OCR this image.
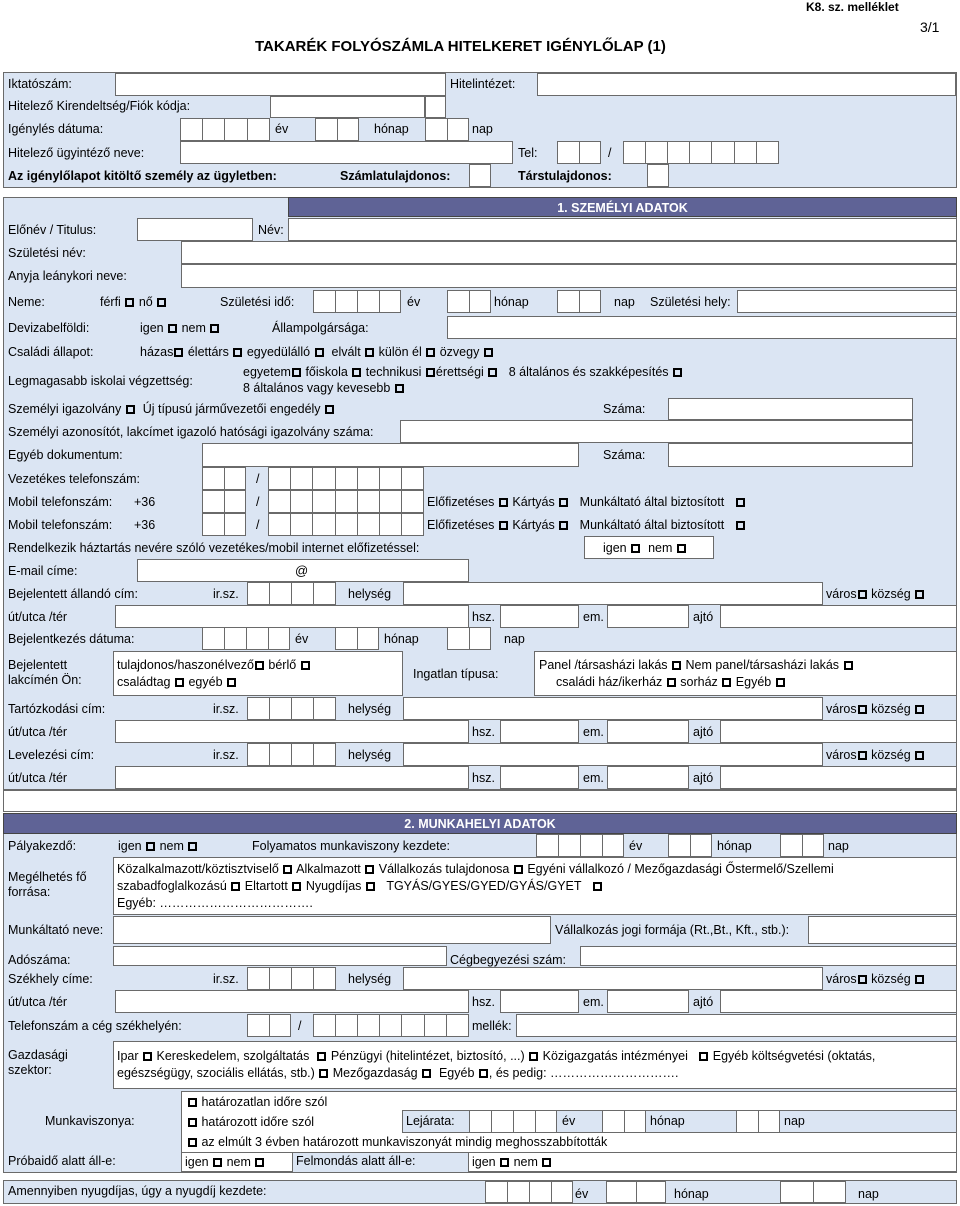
K8. sz. melléklet
3/1
TAKARÉK FOLYÓSZÁMLA HITELKERET IGÉNYLŐLAP (1)
Iktatószám:	Hitelintézet:
Hitelező Kirendeltség/Fiók kódja:
Igénylés dátuma:	év	hónap	nap
Hitelező ügyintéző neve:	Tel:	/
Az igénylőlapot kitöltő személy az ügyletben:	Számlatulajdonos:	Társtulajdonos:
1. SZEMÉLYI ADATOK
Előnév / Titulus:	Név:
Születési név:
Anyja leánykori neve:
Neme:	férfi nő	Születési idő:	év	hónap	nap Születési hely:
Devizabelföldi:	igen nem	Állampolgársága:
Családi állapot:	házas élettárs egyedülálló elvált külön él özvegy
Legmagasabb iskolai végzettség:
egyetem főiskola technikusi érettségi 8 általános és szakképesítés
8 általános vagy kevesebb
Személyi igazolvány Új típusú járművezetői engedély	Száma:
Személyi azonosítót, lakcímet igazoló hatósági igazolvány száma:
Egyéb dokumentum:	Száma:
Vezetékes telefonszám:	/
Mobil telefonszám: +36	/	Előfizetéses Kártyás Munkáltató által biztosított
Mobil telefonszám: +36	/	Előfizetéses Kártyás Munkáltató által biztosított
Rendelkezik háztartás nevére szóló vezetékes/mobil internet előfizetéssel:	igen nem
E-mail címe:	@
Bejelentett állandó cím:	ir.sz.	helység	város község
út/utca /tér	hsz.	em.	ajtó
Bejelentkezés dátuma:	év	hónap	nap
Bejelentett lakcímén Ön:
tulajdonos/haszonélvező bérlő
családtag egyéb
Ingatlan típusa:
Panel /társasházi lakás Nem panel/társasházi lakás
családi ház/ikerház sorház Egyéb
Tartózkodási cím:	ir.sz.	helység	város község
út/utca /tér	hsz.	em.	ajtó
Levelezési cím:	ir.sz.	helység	város község
út/utca /tér	hsz.	em.	ajtó
2. MUNKAHELYI ADATOK
Pályakezdő:	igen nem	Folyamatos munkaviszony kezdete:	év	hónap	nap
Megélhetés fő forrása:
Közalkalmazott/köztisztviselő Alkalmazott Vállalkozás tulajdonosa Egyéni vállalkozó / Mezőgazdasági Őstermelő/Szellemi
szabadfoglalkozású Eltartott Nyugdíjas TGYÁS/GYES/GYED/GYÁS/GYET
Egyéb: ……………………………….
Munkáltató neve:	Vállalkozás jogi formája (Rt.,Bt., Kft., stb.):
Adószáma:	Cégbegyezési szám:
Székhely címe:	ir.sz.	helység	város község
út/utca /tér	hsz.	em.	ajtó
Telefonszám a cég székhelyén:	/	mellék:
Gazdasági szektor:
Ipar Kereskedelem, szolgáltatás Pénzügyi (hitelintézet, biztosító, ...) Közigazgatás intézményei Egyéb költségvetési (oktatás,
egészségügy, szociális ellátás, stb.) Mezőgazdaság Egyéb , és pedig: ………………………….
Munkaviszonya:
határozatlan időre szól
határozott időre szól	Lejárata:	év	hónap	nap
az elmúlt 3 évben határozott munkaviszonyát mindig meghosszabbították
Próbaidő alatt áll-e:	igen nem	Felmondás alatt áll-e:	igen nem
Amennyiben nyugdíjas, úgy a nyugdíj kezdete:	év	hónap	nap
